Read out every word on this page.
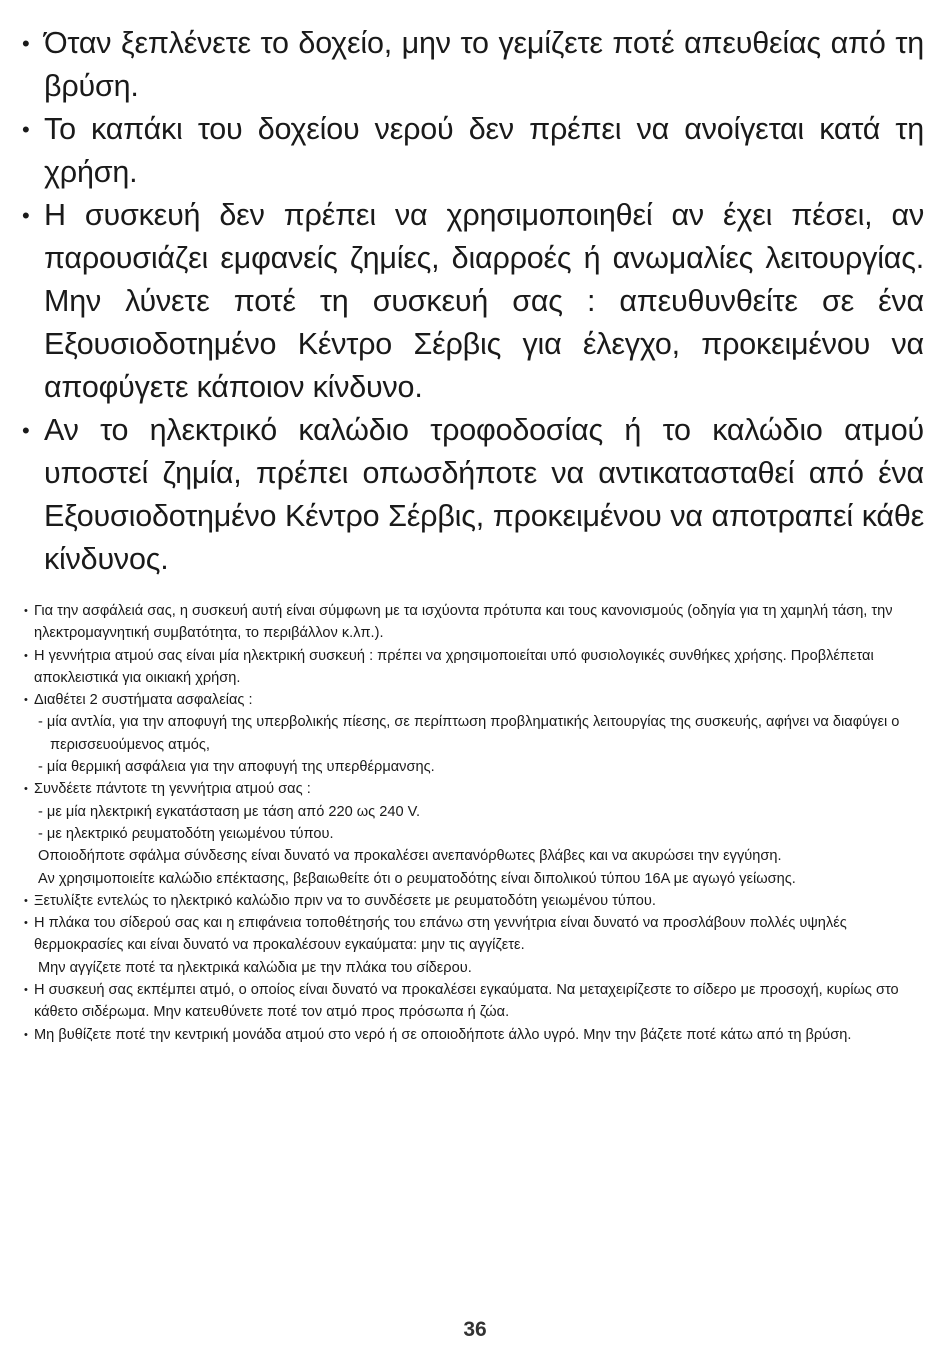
• Όταν ξεπλένετε το δοχείο, μην το γεμίζετε ποτέ απευθείας από τη βρύση.
• Το καπάκι του δοχείου νερού δεν πρέπει να ανοίγεται κατά τη χρήση.
• Η συσκευή δεν πρέπει να χρησιμοποιηθεί αν έχει πέσει, αν παρουσιάζει εμφανείς ζημίες, διαρροές ή ανωμαλίες λειτουργίας. Μην λύνετε ποτέ τη συσκευή σας : απευθυνθείτε σε ένα Εξουσιοδοτημένο Κέντρο Σέρβις για έλεγχο, προκειμένου να αποφύγετε κάποιον κίνδυνο.
• Αν το ηλεκτρικό καλώδιο τροφοδοσίας ή το καλώδιο ατμού υποστεί ζημία, πρέπει οπωσδήποτε να αντικατασταθεί από ένα Εξουσιοδοτημένο Κέντρο Σέρβις, προκειμένου να αποτραπεί κάθε κίνδυνος.
• Για την ασφάλειά σας, η συσκευή αυτή είναι σύμφωνη με τα ισχύοντα πρότυπα και τους κανονισμούς (οδηγία για τη χαμηλή τάση, την ηλεκτρομαγνητική συμβατότητα, το περιβάλλον κ.λπ.).
• Η γεννήτρια ατμού σας είναι μία ηλεκτρική συσκευή : πρέπει να χρησιμοποιείται υπό φυσιολογικές συνθήκες χρήσης. Προβλέπεται αποκλειστικά για οικιακή χρήση.
• Διαθέτει 2 συστήματα ασφαλείας :
- μία αντλία, για την αποφυγή της υπερβολικής πίεσης, σε περίπτωση προβληματικής λειτουργίας της συσκευής, αφήνει να διαφύγει ο περισσευούμενος ατμός,
- μία θερμική ασφάλεια για την αποφυγή της υπερθέρμανσης.
• Συνδέετε πάντοτε τη γεννήτρια ατμού σας :
- με μία ηλεκτρική εγκατάσταση με τάση από 220 ως 240 V.
- με ηλεκτρικό ρευματοδότη γειωμένου τύπου.
Οποιοδήποτε σφάλμα σύνδεσης είναι δυνατό να προκαλέσει ανεπανόρθωτες βλάβες και να ακυρώσει την εγγύηση.
Αν χρησιμοποιείτε καλώδιο επέκτασης, βεβαιωθείτε ότι ο ρευματοδότης είναι διπολικού τύπου 16A με αγωγό γείωσης.
• Ξετυλίξτε εντελώς το ηλεκτρικό καλώδιο πριν να το συνδέσετε με ρευματοδότη γειωμένου τύπου.
• Η πλάκα του σίδερού σας και η επιφάνεια τοποθέτησής του επάνω στη γεννήτρια είναι δυνατό να προσλάβουν πολλές υψηλές θερμοκρασίες και είναι δυνατό να προκαλέσουν εγκαύματα: μην τις αγγίζετε.
Μην αγγίζετε ποτέ τα ηλεκτρικά καλώδια με την πλάκα του σίδερου.
• Η συσκευή σας εκπέμπει ατμό, ο οποίος είναι δυνατό να προκαλέσει εγκαύματα. Να μεταχειρίζεστε το σίδερο με προσοχή, κυρίως στο κάθετο σιδέρωμα. Μην κατευθύνετε ποτέ τον ατμό προς πρόσωπα ή ζώα.
• Μη βυθίζετε ποτέ την κεντρική μονάδα ατμού στο νερό ή σε οποιοδήποτε άλλο υγρό. Μην την βάζετε ποτέ κάτω από τη βρύση.
36
